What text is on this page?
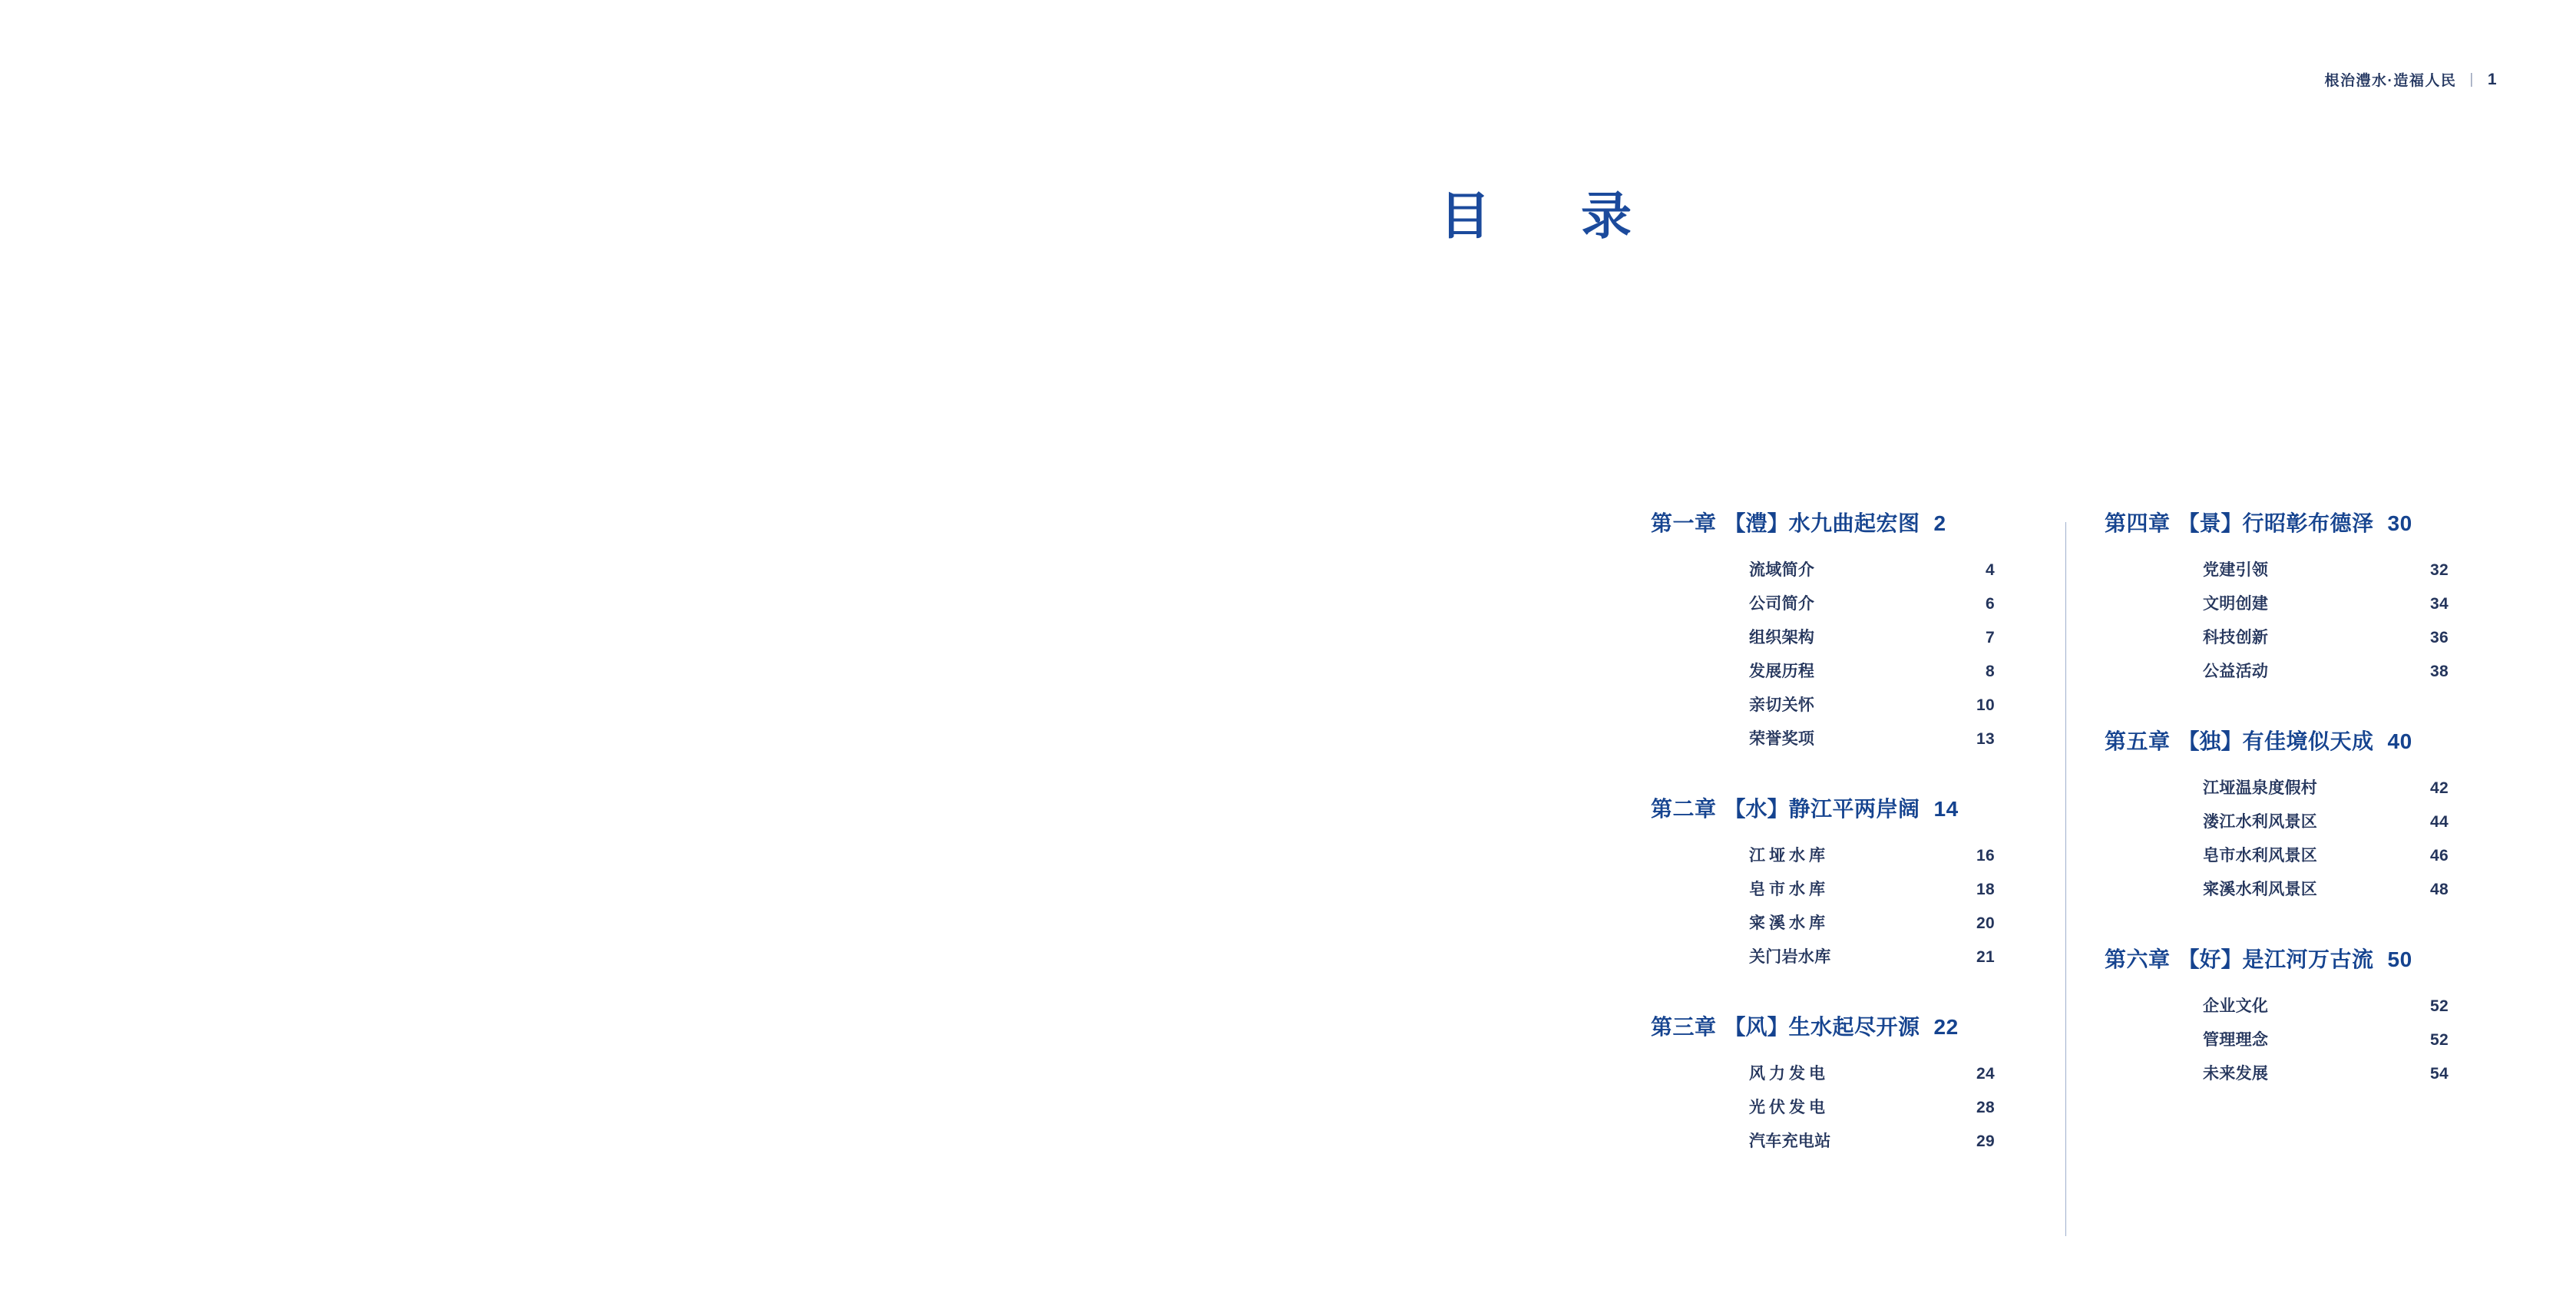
根治澧水·造福人民 | 1
目　录
第一章 【澧】 水九曲起宏图 2
流域简介	4
公司简介	6
组织架构	7
发展历程	8
亲切关怀	10
荣誉奖项	13
第二章 【水】 静江平两岸阔 14
江垭水库	16
皂市水库	18
宷溪水库	20
关门岩水库	21
第三章 【风】 生水起尽开源 22
风力发电	24
光伏发电	28
汽车充电站	29
第四章 【景】 行昭彰布德泽 30
党建引领	32
文明创建	34
科技创新	36
公益活动	38
第五章 【独】 有佳境似天成 40
江垭温泉度假村	42
溇江水利风景区	44
皂市水利风景区	46
宷溪水利风景区	48
第六章 【好】 是江河万古流 50
企业文化	52
管理理念	52
未来发展	54
